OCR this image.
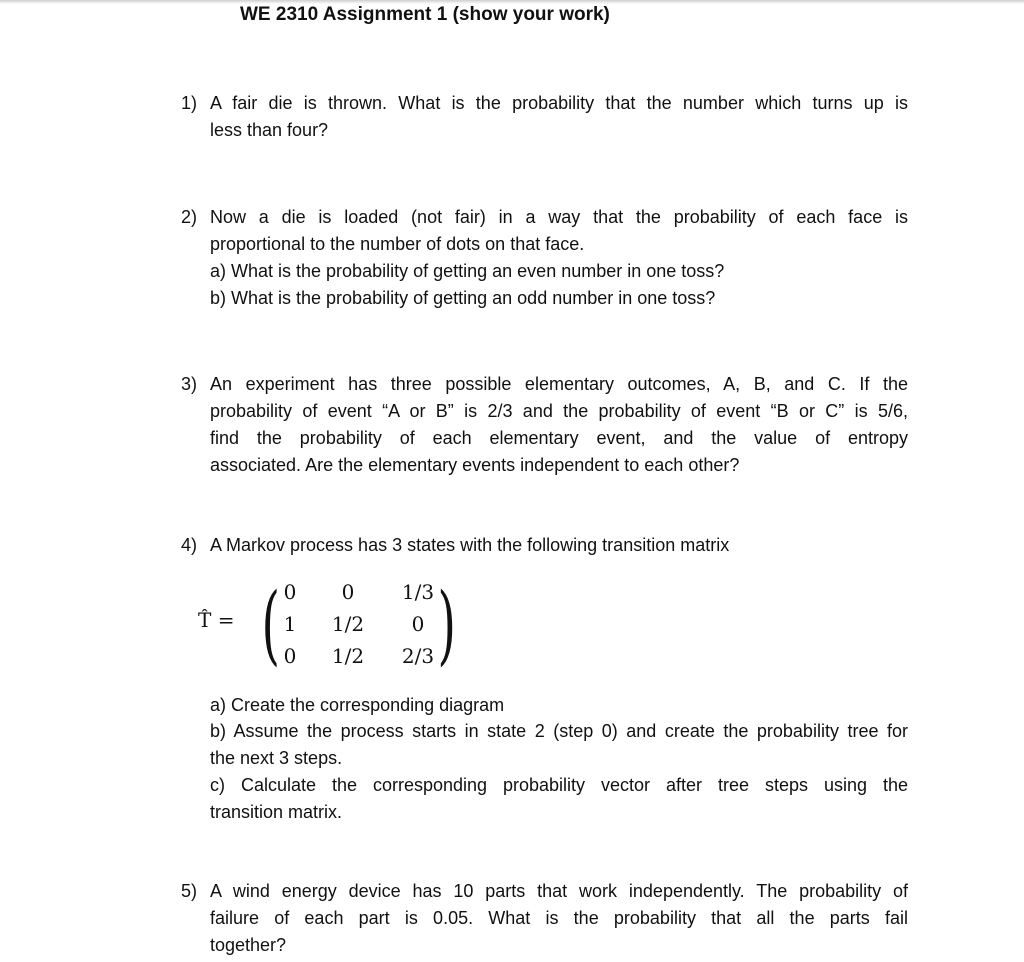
WE 2310 Assignment 1 (show your work)
1) A fair die is thrown. What is the probability that the number which turns up is
less than four?
2) Now a die is loaded (not fair) in a way that the probability of each face is
proportional to the number of dots on that face.
a) What is the probability of getting an even number in one toss?
b) What is the probability of getting an odd number in one toss?
3) An experiment has three possible elementary outcomes, A, B, and C. If the
probability of event “A or B” is 2/3 and the probability of event “B or C” is 5/6,
find the probability of each elementary event, and the value of entropy
associated. Are the elementary events independent to each other?
4) A Markov process has 3 states with the following transition matrix
T̂ = ( )
0	0	1/3
1	1/2	0
0	1/2	2/3
a) Create the corresponding diagram
b) Assume the process starts in state 2 (step 0) and create the probability tree for
the next 3 steps.
c) Calculate the corresponding probability vector after tree steps using the
transition matrix.
5) A wind energy device has 10 parts that work independently. The probability of
failure of each part is 0.05. What is the probability that all the parts fail
together?
